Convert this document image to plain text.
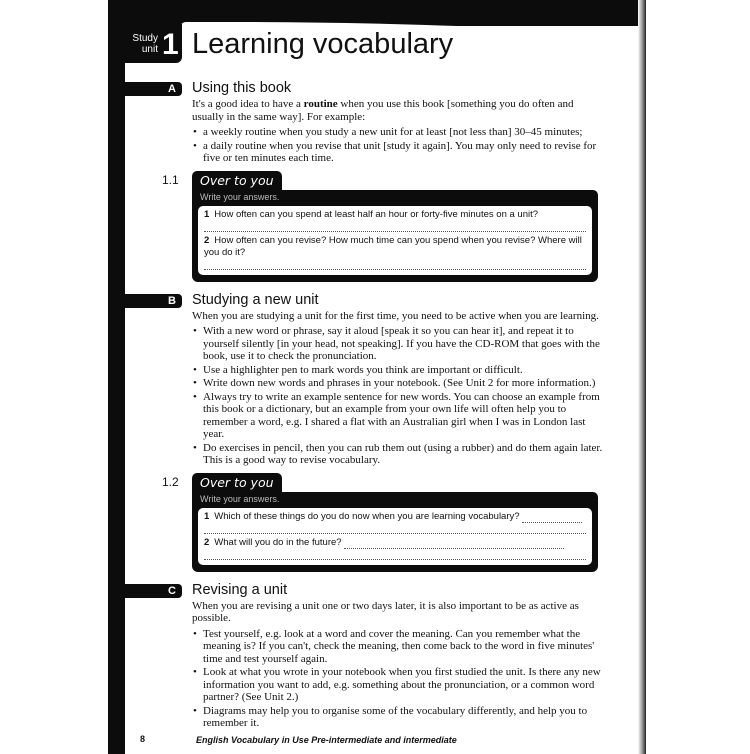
Study
unit 1 Learning vocabulary
A	Using this book

It's a good idea to have a routine when you use this book [something you do often and usually in the same way]. For example:

• a weekly routine when you study a new unit for at least [not less than] 30–45 minutes;
• a daily routine when you revise that unit [study it again]. You may only need to revise for five or ten minutes each time.
1.1 Over to you
Write your answers.
1 How often can you spend at least half an hour or forty-five minutes on a unit?
2 How often can you revise? How much time can you spend when you revise? Where will you do it?
B	Studying a new unit

When you are studying a unit for the first time, you need to be active when you are learning.

• With a new word or phrase, say it aloud [speak it so you can hear it], and repeat it to yourself silently [in your head, not speaking]. If you have the CD-ROM that goes with the book, use it to check the pronunciation.
• Use a highlighter pen to mark words you think are important or difficult.
• Write down new words and phrases in your notebook. (See Unit 2 for more information.)
• Always try to write an example sentence for new words. You can choose an example from this book or a dictionary, but an example from your own life will often help you to remember a word, e.g. I shared a flat with an Australian girl when I was in London last year.
• Do exercises in pencil, then you can rub them out (using a rubber) and do them again later. This is a good way to revise vocabulary.
1.2 Over to you
Write your answers.
1 Which of these things do you do now when you are learning vocabulary?
2 What will you do in the future?
C	Revising a unit

When you are revising a unit one or two days later, it is also important to be as active as possible.

• Test yourself, e.g. look at a word and cover the meaning. Can you remember what the meaning is? If you can't, check the meaning, then come back to the word in five minutes' time and test yourself again.
• Look at what you wrote in your notebook when you first studied the unit. Is there any new information you want to add, e.g. something about the pronunciation, or a common word partner? (See Unit 2.)
• Diagrams may help you to organise some of the vocabulary differently, and help you to remember it.
8	English Vocabulary in Use Pre-intermediate and intermediate
